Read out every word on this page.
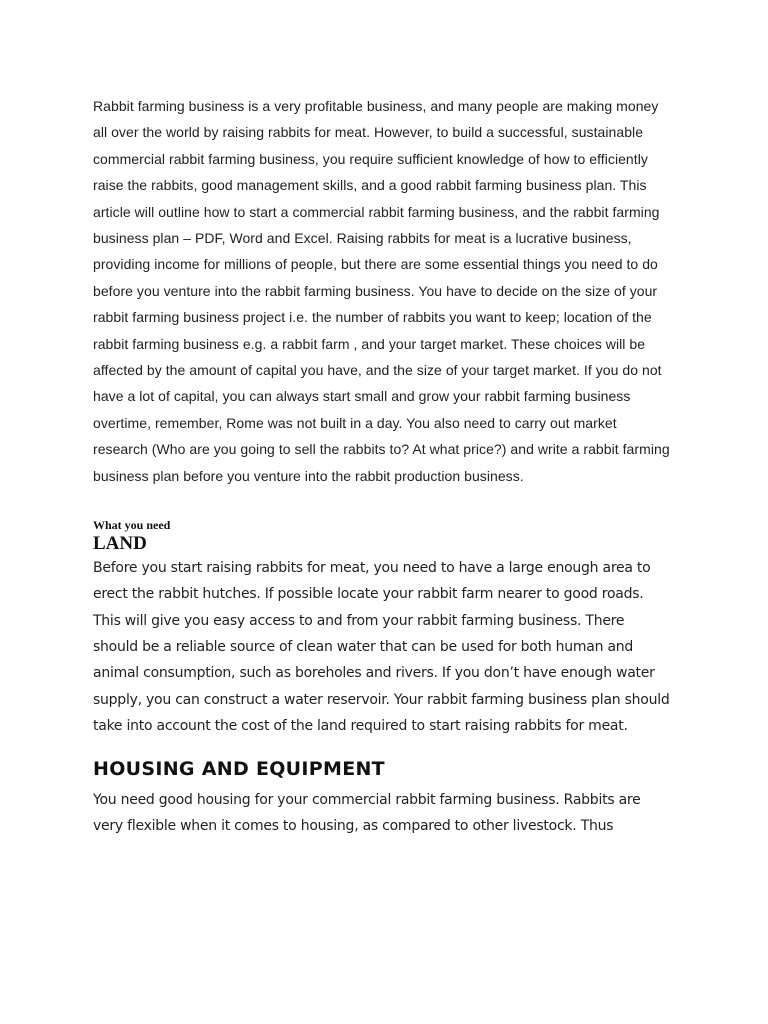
Rabbit farming business is a very profitable business, and many people are making money all over the world by raising rabbits for meat. However, to build a successful, sustainable commercial rabbit farming business, you require sufficient knowledge of how to efficiently raise the rabbits, good management skills, and a good rabbit farming business plan. This article will outline how to start a commercial rabbit farming business, and the rabbit farming business plan – PDF, Word and Excel. Raising rabbits for meat is a lucrative business, providing income for millions of people, but there are some essential things you need to do before you venture into the rabbit farming business. You have to decide on the size of your rabbit farming business project i.e. the number of rabbits you want to keep; location of the rabbit farming business e.g. a rabbit farm , and your target market. These choices will be affected by the amount of capital you have, and the size of your target market. If you do not have a lot of capital, you can always start small and grow your rabbit farming business overtime, remember, Rome was not built in a day. You also need to carry out market research (Who are you going to sell the rabbits to? At what price?) and write a rabbit farming business plan before you venture into the rabbit production business.

What you need
LAND

Before you start raising rabbits for meat, you need to have a large enough area to erect the rabbit hutches. If possible locate your rabbit farm nearer to good roads. This will give you easy access to and from your rabbit farming business. There should be a reliable source of clean water that can be used for both human and animal consumption, such as boreholes and rivers. If you don’t have enough water supply, you can construct a water reservoir. Your rabbit farming business plan should take into account the cost of the land required to start raising rabbits for meat.

HOUSING AND EQUIPMENT

You need good housing for your commercial rabbit farming business. Rabbits are very flexible when it comes to housing, as compared to other livestock. Thus
